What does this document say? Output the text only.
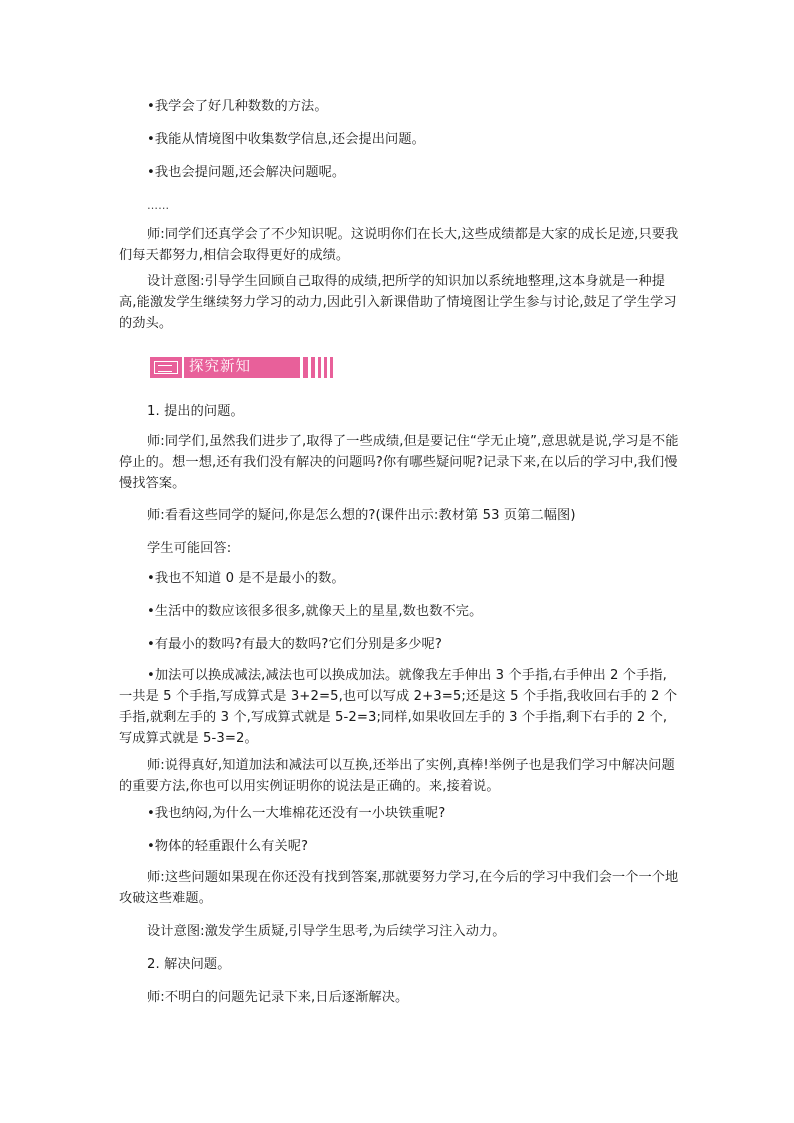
•我学会了好几种数数的方法。

•我能从情境图中收集数学信息,还会提出问题。

•我也会提问题,还会解决问题呢。

……

师:同学们还真学会了不少知识呢。这说明你们在长大,这些成绩都是大家的成长足迹,只要我们每天都努力,相信会取得更好的成绩。

设计意图:引导学生回顾自己取得的成绩,把所学的知识加以系统地整理,这本身就是一种提高,能激发学生继续努力学习的动力,因此引入新课借助了情境图让学生参与讨论,鼓足了学生学习的劲头。

探究新知

1. 提出的问题。

师:同学们,虽然我们进步了,取得了一些成绩,但是要记住“学无止境”,意思就是说,学习是不能停止的。想一想,还有我们没有解决的问题吗?你有哪些疑问呢?记录下来,在以后的学习中,我们慢慢找答案。

师:看看这些同学的疑问,你是怎么想的?(课件出示:教材第 53 页第二幅图)

学生可能回答:

•我也不知道 0 是不是最小的数。

•生活中的数应该很多很多,就像天上的星星,数也数不完。

•有最小的数吗?有最大的数吗?它们分别是多少呢?

•加法可以换成减法,减法也可以换成加法。就像我左手伸出 3 个手指,右手伸出 2 个手指,一共是 5 个手指,写成算式是 3+2=5,也可以写成 2+3=5;还是这 5 个手指,我收回右手的 2 个手指,就剩左手的 3 个,写成算式就是 5-2=3;同样,如果收回左手的 3 个手指,剩下右手的 2 个,写成算式就是 5-3=2。

师:说得真好,知道加法和减法可以互换,还举出了实例,真棒!举例子也是我们学习中解决问题的重要方法,你也可以用实例证明你的说法是正确的。来,接着说。

•我也纳闷,为什么一大堆棉花还没有一小块铁重呢?

•物体的轻重跟什么有关呢?

师:这些问题如果现在你还没有找到答案,那就要努力学习,在今后的学习中我们会一个一个地攻破这些难题。

设计意图:激发学生质疑,引导学生思考,为后续学习注入动力。

2. 解决问题。

师:不明白的问题先记录下来,日后逐渐解决。
